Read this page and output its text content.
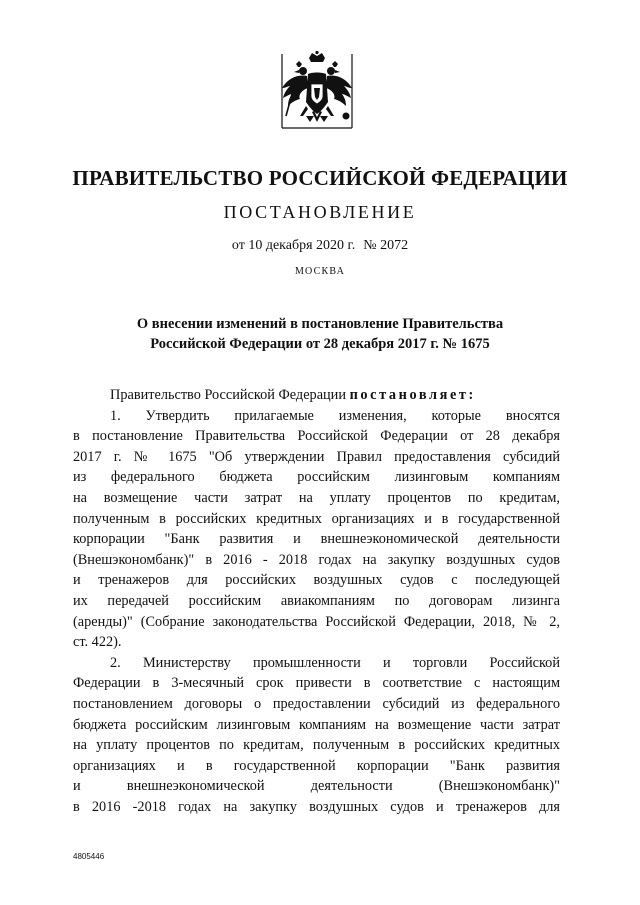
ПРАВИТЕЛЬСТВО РОССИЙСКОЙ ФЕДЕРАЦИИ
ПОСТАНОВЛЕНИЕ
от 10 декабря 2020 г. № 2072
МОСКВА
О внесении изменений в постановление Правительства
Российской Федерации от 28 декабря 2017 г. № 1675
Правительство Российской Федерации постановляет:
1. Утвердить прилагаемые изменения, которые вносятся
в постановление Правительства Российской Федерации от 28 декабря
2017 г. № 1675 "Об утверждении Правил предоставления субсидий
из федерального бюджета российским лизинговым компаниям
на возмещение части затрат на уплату процентов по кредитам,
полученным в российских кредитных организациях и в государственной
корпорации "Банк развития и внешнеэкономической деятельности
(Внешэкономбанк)" в 2016 - 2018 годах на закупку воздушных судов
и тренажеров для российских воздушных судов с последующей
их передачей российским авиакомпаниям по договорам лизинга
(аренды)" (Собрание законодательства Российской Федерации, 2018, № 2,
ст. 422).
2. Министерству промышленности и торговли Российской
Федерации в 3-месячный срок привести в соответствие с настоящим
постановлением договоры о предоставлении субсидий из федерального
бюджета российским лизинговым компаниям на возмещение части затрат
на уплату процентов по кредитам, полученным в российских кредитных
организациях и в государственной корпорации "Банк развития
и внешнеэкономической деятельности (Внешэкономбанк)"
в 2016 -2018 годах на закупку воздушных судов и тренажеров для
4805446
